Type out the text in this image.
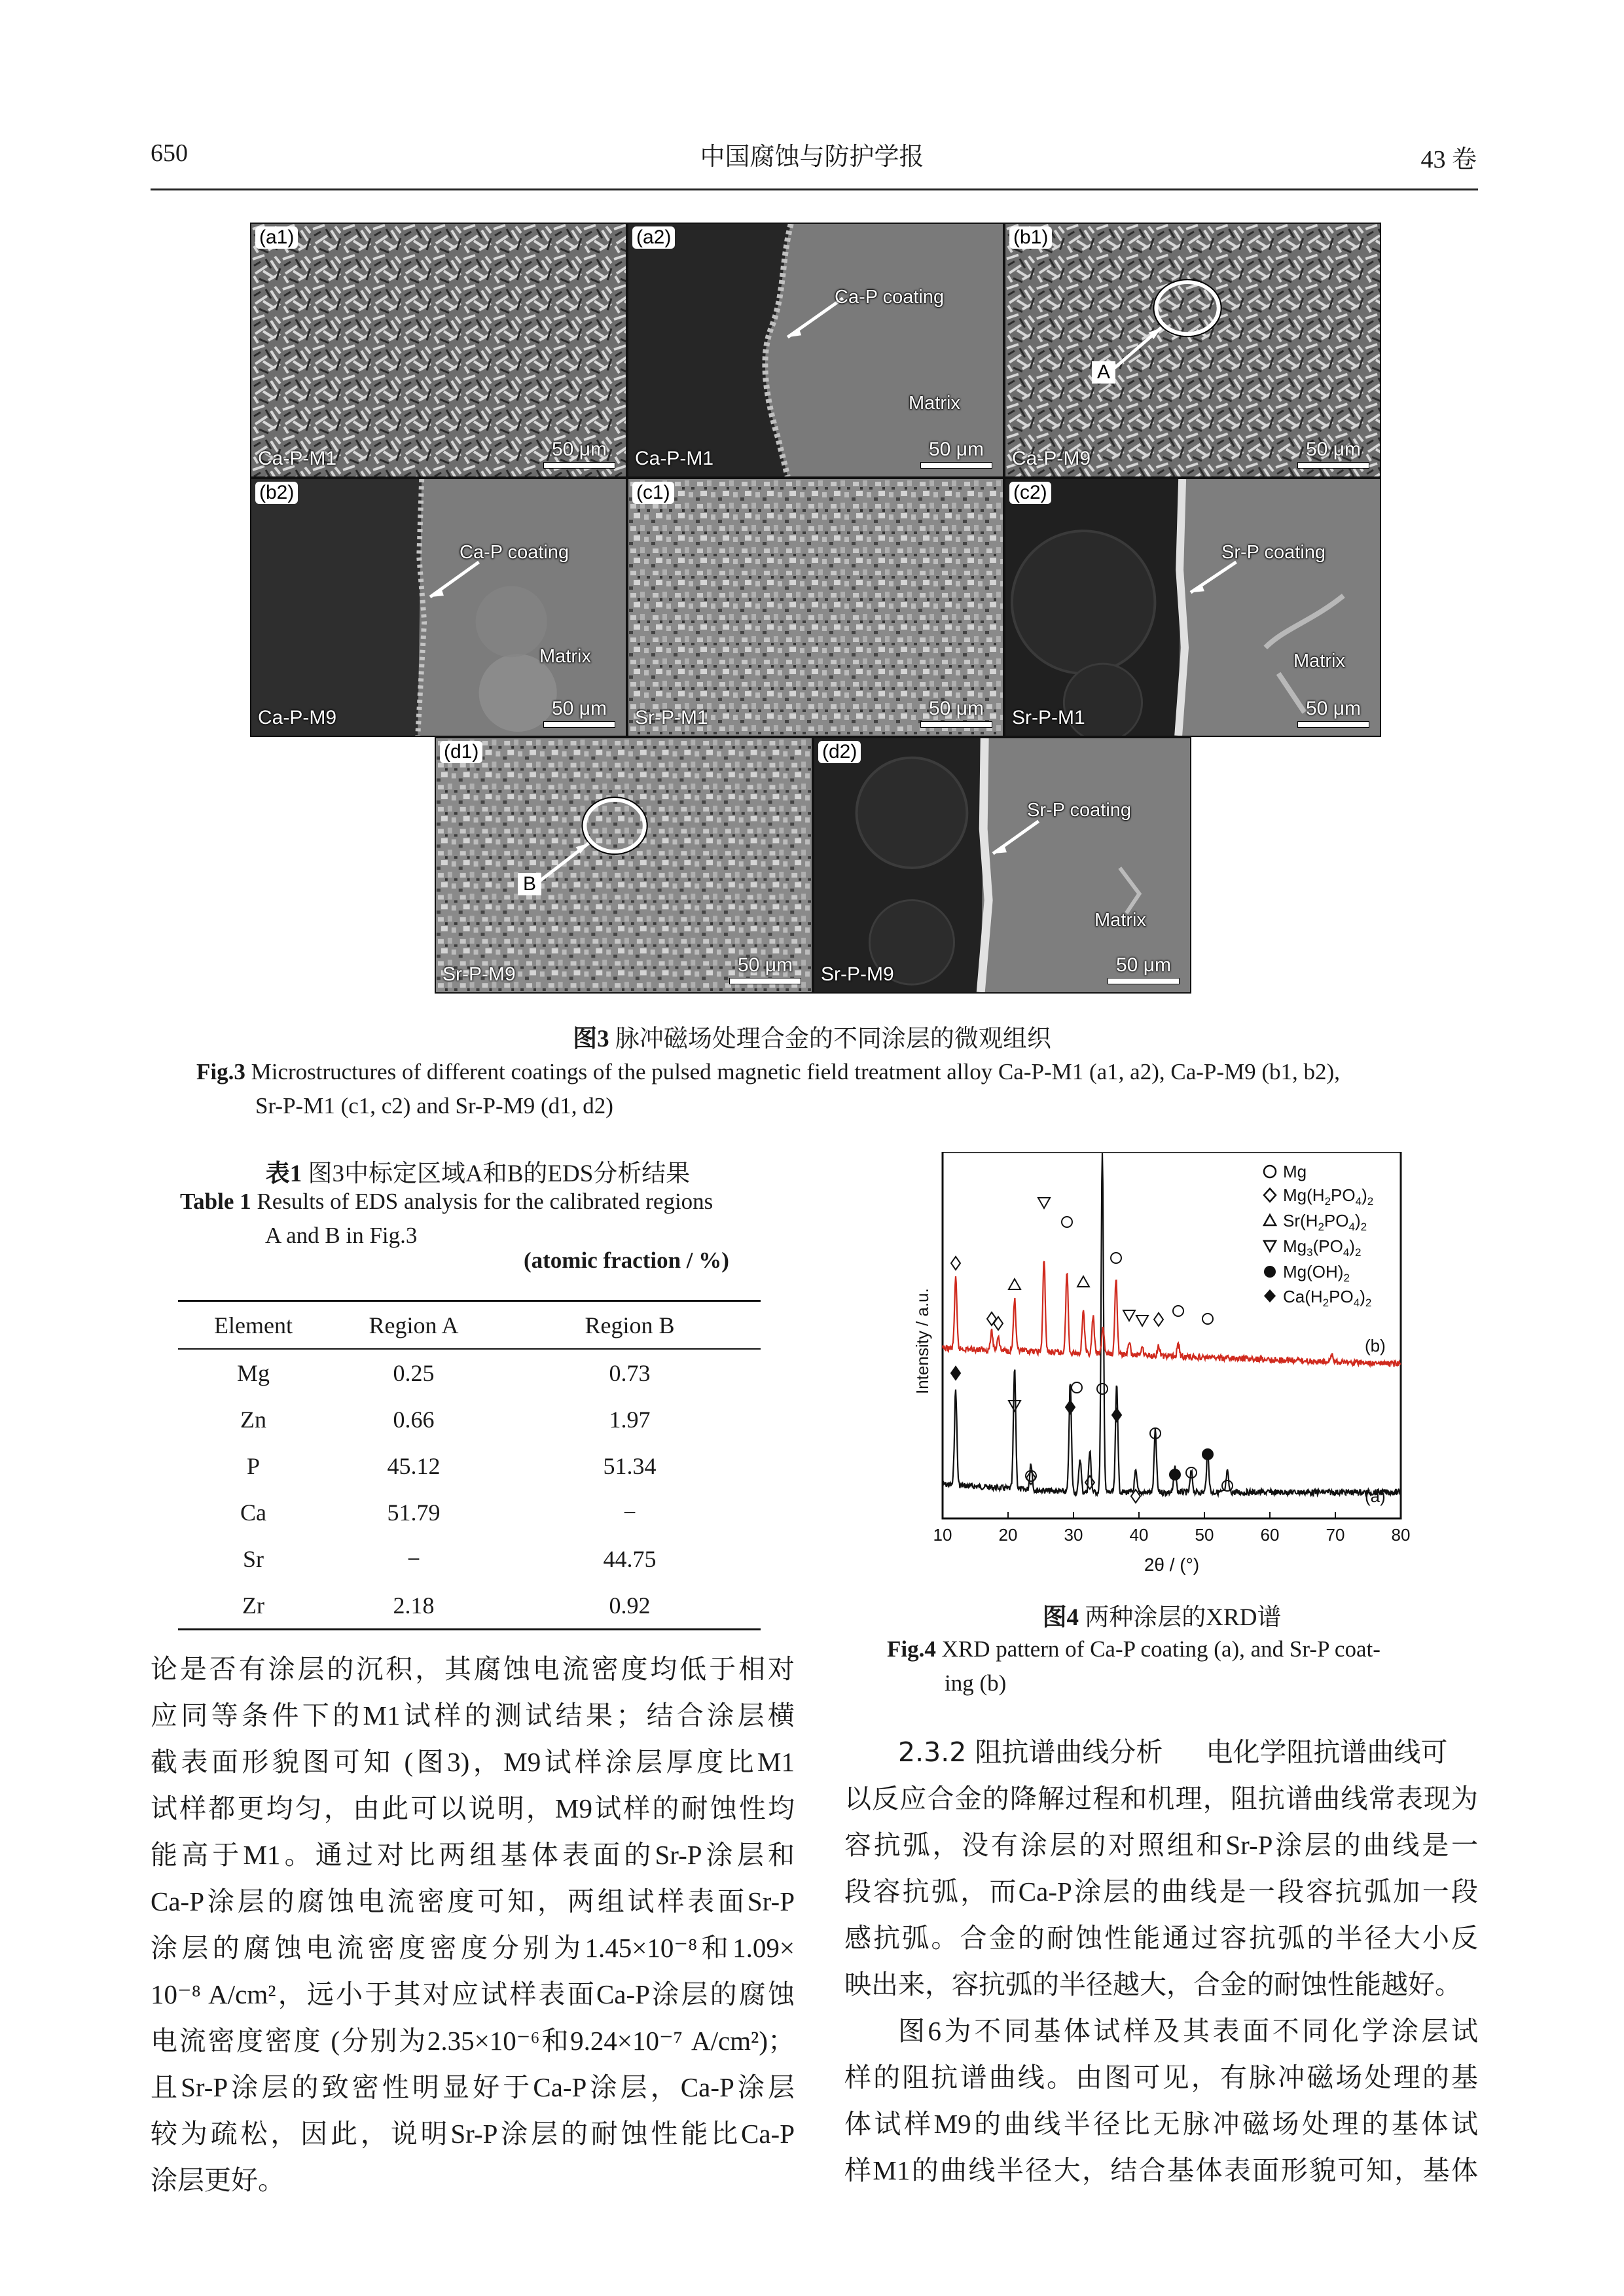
650	中国腐蚀与防护学报	43 卷
(a1)
Ca-P-M1	50 μm
(a2)
Ca-P coating
Matrix
Ca-P-M1	50 μm
(b1)
A
Ca-P-M9	50 μm
(b2)
Ca-P coating
Matrix
Ca-P-M9	50 μm
(c1)
Sr-P-M1	50 μm
(c2)
Sr-P coating
Matrix
Sr-P-M1	50 μm
(d1)
B
Sr-P-M9	50 μm
(d2)
Sr-P coating
Matrix
Sr-P-M9	50 μm
图3 脉冲磁场处理合金的不同涂层的微观组织
Fig.3 Microstructures of different coatings of the pulsed magnetic field treatment alloy Ca-P-M1 (a1, a2), Ca-P-M9 (b1, b2),
Sr-P-M1 (c1, c2) and Sr-P-M9 (d1, d2)
表1 图3中标定区域A和B的EDS分析结果
Table 1 Results of EDS analysis for the calibrated regions
A and B in Fig.3
(atomic fraction / %)
Element	Region A	Region B
Mg	0.25	0.73
Zn	0.66	1.97
P	45.12	51.34
Ca	51.79	−
Sr	−	44.75
Zr	2.18	0.92
论是否有涂层的沉积，其腐蚀电流密度均低于相对
应同等条件下的M1试样的测试结果；结合涂层横
截表面形貌图可知 (图3)，M9试样涂层厚度比M1
试样都更均匀，由此可以说明，M9试样的耐蚀性均
能高于M1。通过对比两组基体表面的Sr-P涂层和
Ca-P涂层的腐蚀电流密度可知，两组试样表面Sr-P
涂层的腐蚀电流密度密度分别为1.45×10⁻⁸和1.09×
10⁻⁸ A/cm²，远小于其对应试样表面Ca-P涂层的腐蚀
电流密度密度 (分别为2.35×10⁻⁶和9.24×10⁻⁷ A/cm²)；
且Sr-P涂层的致密性明显好于Ca-P涂层，Ca-P涂层
较为疏松，因此，说明Sr-P涂层的耐蚀性能比Ca-P
涂层更好。
10	20	30	40	50	60	70	80
Mg
$Mg(H_2PO_4)_2$
$Sr(H_2PO_4)_2$
$Mg_3(PO_4)_2$
$Mg(OH)_2$
$Ca(H_2PO_4)_2$
(b)
(a)
Intensity / a.u.
2θ / (°)
图4 两种涂层的XRD谱
Fig.4 XRD pattern of Ca-P coating (a), and Sr-P coat-
ing (b)
2.3.2 阻抗谱曲线分析 电化学阻抗谱曲线可
以反应合金的降解过程和机理，阻抗谱曲线常表现为
容抗弧，没有涂层的对照组和Sr-P涂层的曲线是一
段容抗弧，而Ca-P涂层的曲线是一段容抗弧加一段
感抗弧。合金的耐蚀性能通过容抗弧的半径大小反
映出来，容抗弧的半径越大，合金的耐蚀性能越好。
图6为不同基体试样及其表面不同化学涂层试
样的阻抗谱曲线。由图可见，有脉冲磁场处理的基
体试样M9的曲线半径比无脉冲磁场处理的基体试
样M1的曲线半径大，结合基体表面形貌可知，基体
